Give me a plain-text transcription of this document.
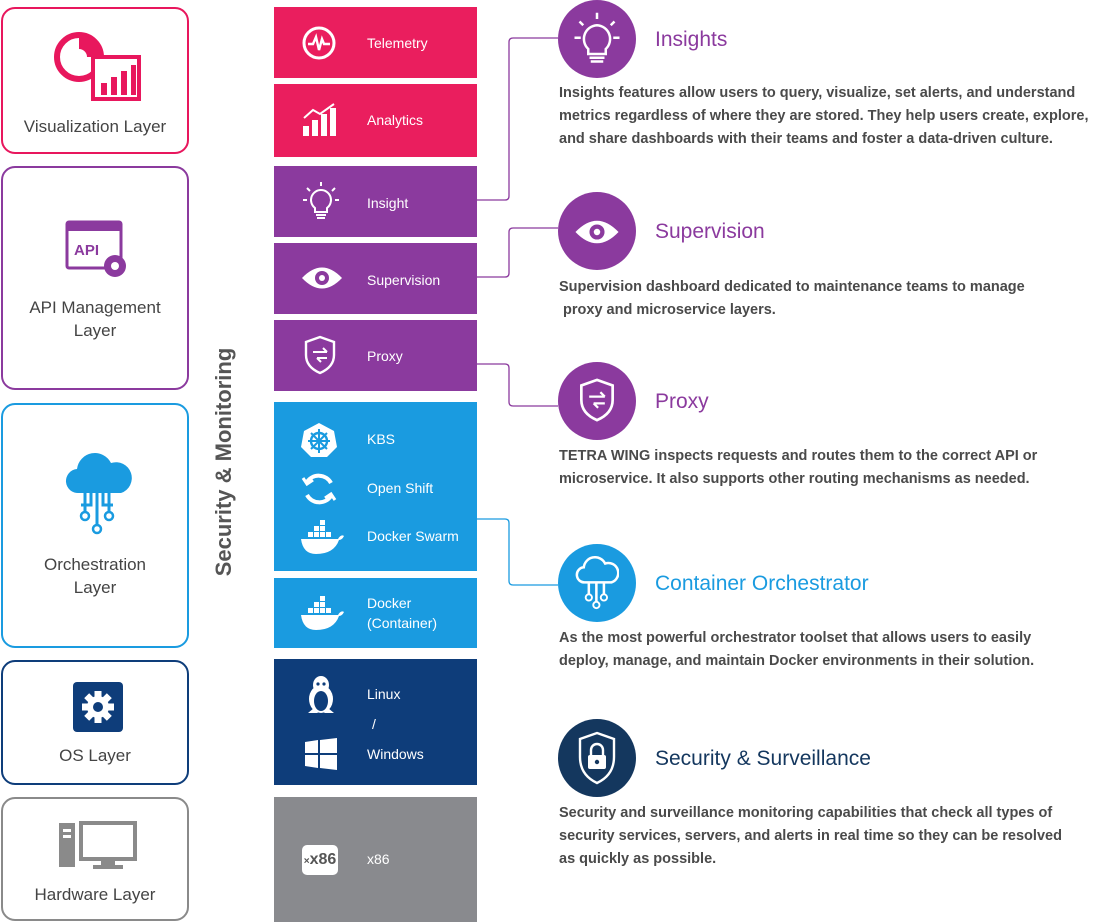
Visualization Layer
API
API Management Layer
Orchestration Layer
OS Layer
Hardware Layer
Security & Monitoring
Telemetry
Analytics
Insight
Supervision
Proxy
KBS
Open Shift
Docker Swarm
Docker
(Container)
Linux
/
Windows
×x86 x86
Insights
Insights features allow users to query, visualize, set alerts, and understand
metrics regardless of where they are stored. They help users create, explore,
and share dashboards with their teams and foster a data-driven culture.
Supervision
Supervision dashboard dedicated to maintenance teams to manage
proxy and microservice layers.
Proxy
TETRA WING inspects requests and routes them to the correct API or
microservice. It also supports other routing mechanisms as needed.
Container Orchestrator
As the most powerful orchestrator toolset that allows users to easily
deploy, manage, and maintain Docker environments in their solution.
Security & Surveillance
Security and surveillance monitoring capabilities that check all types of
security services, servers, and alerts in real time so they can be resolved
as quickly as possible.
